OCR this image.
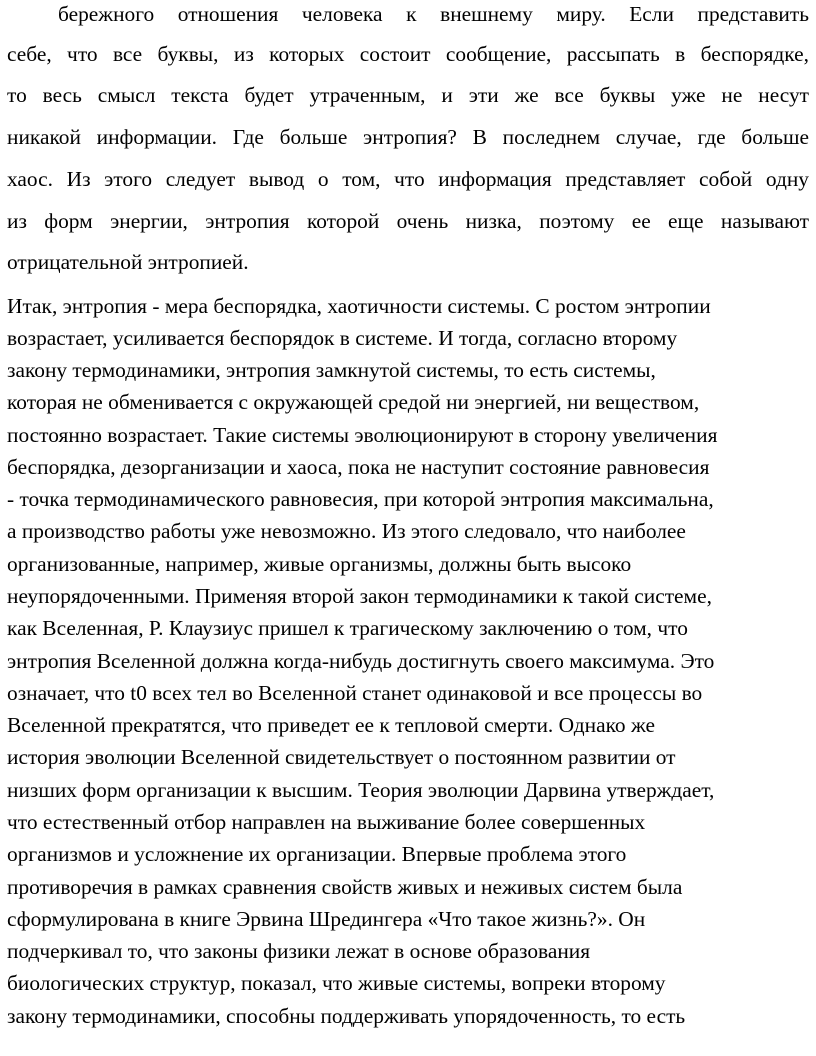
бережного отношения человека к внешнему миру. Если представить

себе, что все буквы, из которых состоит сообщение, рассыпать в беспорядке,

то весь смысл текста будет утраченным, и эти же все буквы уже не несут

никакой информации. Где больше энтропия? В последнем случае, где больше

хаос. Из этого следует вывод о том, что информация представляет собой одну

из форм энергии, энтропия которой очень низка, поэтому ее еще называют

отрицательной энтропией.

Итак, энтропия - мера беспорядка, хаотичности системы. С ростом энтропии

возрастает, усиливается беспорядок в системе. И тогда, согласно второму

закону термодинамики, энтропия замкнутой системы, то есть системы,

которая не обменивается с окружающей средой ни энергией, ни веществом,

постоянно возрастает. Такие системы эволюционируют в сторону увеличения

беспорядка, дезорганизации и хаоса, пока не наступит состояние равновесия

- точка термодинамического равновесия, при которой энтропия максимальна,

а производство работы уже невозможно. Из этого следовало, что наиболее

организованные, например, живые организмы, должны быть высоко

неупорядоченными. Применяя второй закон термодинамики к такой системе,

как Вселенная, Р. Клаузиус пришел к трагическому заключению о том, что

энтропия Вселенной должна когда-нибудь достигнуть своего максимума. Это

означает, что t0 всех тел во Вселенной станет одинаковой и все процессы во

Вселенной прекратятся, что приведет ее к тепловой смерти. Однако же

история эволюции Вселенной свидетельствует о постоянном развитии от

низших форм организации к высшим. Теория эволюции Дарвина утверждает,

что естественный отбор направлен на выживание более совершенных

организмов и усложнение их организации. Впервые проблема этого

противоречия в рамках сравнения свойств живых и неживых систем была

сформулирована в книге Эрвина Шредингера «Что такое жизнь?». Он

подчеркивал то, что законы физики лежат в основе образования

биологических структур, показал, что живые системы, вопреки второму

закону термодинамики, способны поддерживать упорядоченность, то есть
